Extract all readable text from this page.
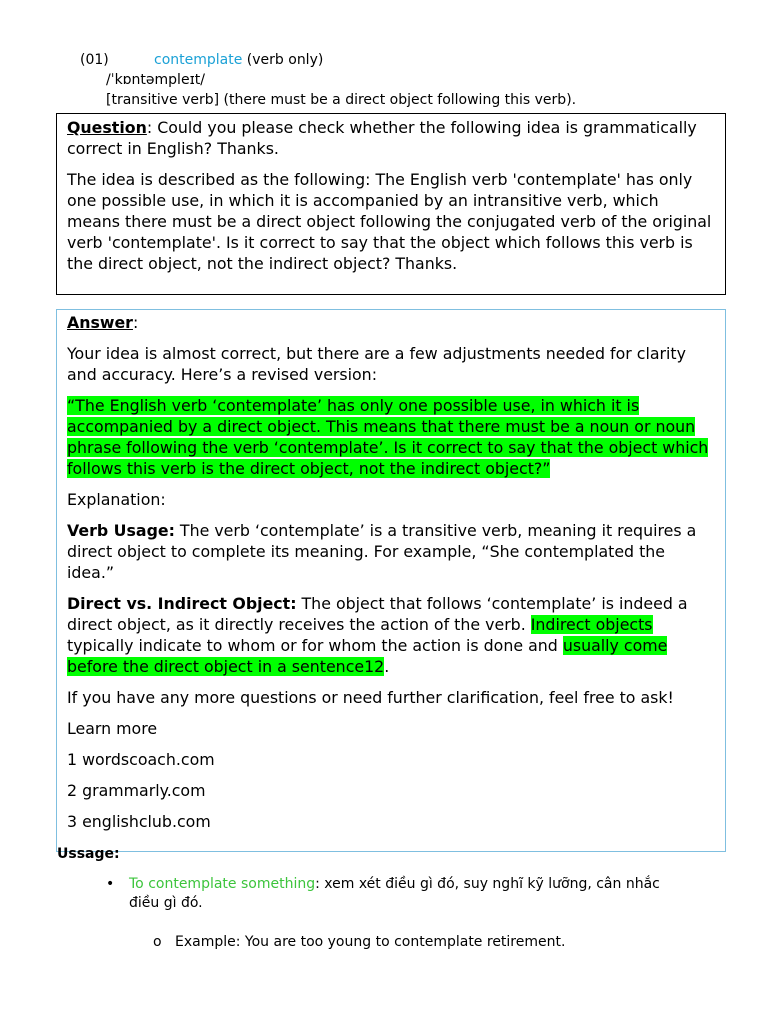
(01)	contemplate (verb only)
/ˈkɒntəmpleɪt/
[transitive verb] (there must be a direct object following this verb).

Question: Could you please check whether the following idea is grammatically correct in English? Thanks.

The idea is described as the following: The English verb 'contemplate' has only one possible use, in which it is accompanied by an intransitive verb, which means there must be a direct object following the conjugated verb of the original verb 'contemplate'. Is it correct to say that the object which follows this verb is the direct object, not the indirect object? Thanks.

Answer:

Your idea is almost correct, but there are a few adjustments needed for clarity and accuracy. Here’s a revised version:

“The English verb ‘contemplate’ has only one possible use, in which it is accompanied by a direct object. This means that there must be a noun or noun phrase following the verb ‘contemplate’. Is it correct to say that the object which follows this verb is the direct object, not the indirect object?”

Explanation:

Verb Usage: The verb ‘contemplate’ is a transitive verb, meaning it requires a direct object to complete its meaning. For example, “She contemplated the idea.”

Direct vs. Indirect Object: The object that follows ‘contemplate’ is indeed a direct object, as it directly receives the action of the verb. Indirect objects typically indicate to whom or for whom the action is done and usually come before the direct object in a sentence12.

If you have any more questions or need further clarification, feel free to ask!

Learn more

1 wordscoach.com

2 grammarly.com

3 englishclub.com

Ussage:
• To contemplate something: xem xét điều gì đó, suy nghĩ kỹ lưỡng, cân nhắc điều gì đó.
o Example: You are too young to contemplate retirement.
